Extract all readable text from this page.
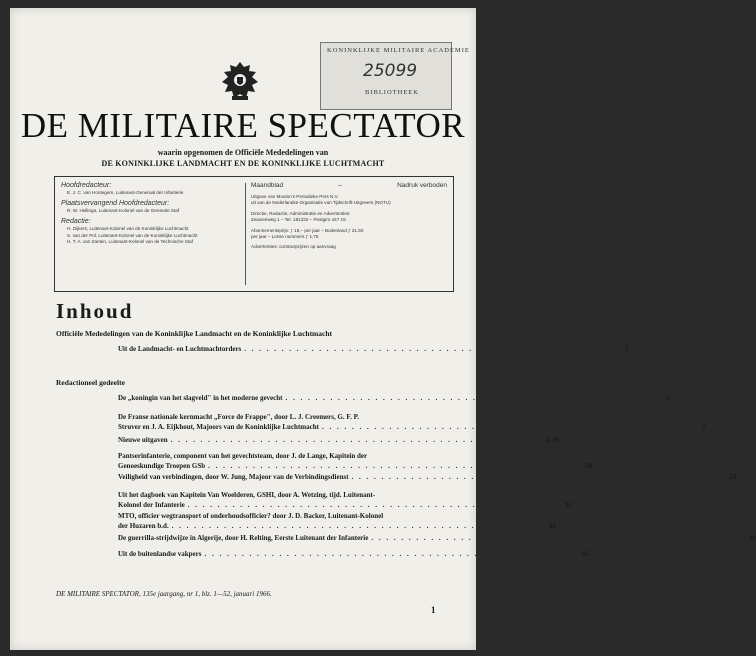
KONINKLIJKE MILITAIRE ACADEMIE
25099
BIBLIOTHEEK
DE MILITAIRE SPECTATOR
waarin opgenomen de Officiële Mededelingen van
DE KONINKLIJKE LANDMACHT EN DE KONINKLIJKE LUCHTMACHT
Hoofdredacteur:
E. J. C. van Hootegem, Luitenant-Generaal der Infanterie
Plaatsvervangend Hoofdredacteur:
R. W. Hellinga, Luitenant-Kolonel van de Generale Staf
Redactie:
H. Dijkers, Luitenant-Kolonel van de Koninklijke Luchtmacht
S. van der Pol, Luitenant-Kolonel van de Koninklijke Luchtmacht
H. T. A. van Zanten, Luitenant-Kolonel van de Technische Staf
Maandblad	–	Nadruk verboden
Uitgave van Mouton's Periodieke Pers N.V.
uit van de Nederlandse Organisatie van Tijdschrift-Uitgevers (NOTU)
Directie, Redactie, Administratie en Advertenties:
Zwanenweg 1 – Tel. 181332 – Postgiro 447 15
Abonnementsprijs: ƒ 18,– per jaar – Buitenland ƒ 21,50
per jaar – Losse nummers ƒ 1,75
Advertenties: contractprijzen op aanvraag
Inhoud
Officiële Mededelingen van de Koninklijke Landmacht en de Koninklijke Luchtmacht
Uit de Landmacht- en Luchtmachtorders . . . . . . . . . . . . . . . . . . . . . . . . . . . . . . . . . . . . . . . . . . . . . . . . . .	2
Redactioneel gedeelte
De „koningin van het slagveld" in het moderne gevecht . . . . . . . . . . . . . . . . . . . . . . . . . . . . . . . . . . . . . . . . . . . . . . . . . .	3
De Franse nationale kernmacht „Force de Frappe", door L. J. Creemers, G. F. P.
Struver en J. A. Eijkhout, Majoors van de Koninklijke Luchtmacht . . . . . . . . . . . . . . . . . . . . . . . . . . . . . . . . . . . . . . . . . . . . . . . . . .	5
Nieuwe uitgaven . . . . . . . . . . . . . . . . . . . . . . . . . . . . . . . . . . . . . . . . . . . . . . . . . . 4, 19
Pantserinfanterie, component van het gevechtsteam, door J. de Lange, Kapitein der
Genoeskundige Troepen GSb . . . . . . . . . . . . . . . . . . . . . . . . . . . . . . . . . . . . . . . . . . . . . . . . . . 20
Veiligheid van verbindingen, door W. Jung, Majoor van de Verbindingsdienst . . . . . . . . . . . . . . . . . . . . . . . . . . . . . . . . . . . . . . . . . . . . . . . . . . 24
Uit het dagboek van Kapitein Van Woelderen, GSHI, door A. Wetzing, tijd. Luitenant-
Kolonel der Infanterie . . . . . . . . . . . . . . . . . . . . . . . . . . . . . . . . . . . . . . . . . . . . . . . . . . 32
MTO, officier wegtransport of onderhoudsofficier? door J. D. Backer, Luitenant-Kolonel
der Huzaren b.d. . . . . . . . . . . . . . . . . . . . . . . . . . . . . . . . . . . . . . . . . . . . . . . . . . . 36
De guerrilla-strijdwijze in Algerije, door H. Relting, Eerste Luitenant der Infanterie . . . . . . . . . . . . . . . . . . . . . . . . . . . . . . . . . . . . . . . . . . . . . . . . . . 39
Uit de buitenlandse vakpers . . . . . . . . . . . . . . . . . . . . . . . . . . . . . . . . . . . . . . . . . . . . . . . . . . 42
DE MILITAIRE SPECTATOR, 135e jaargang, nr 1, blz. 1—52, januari 1966.
1
